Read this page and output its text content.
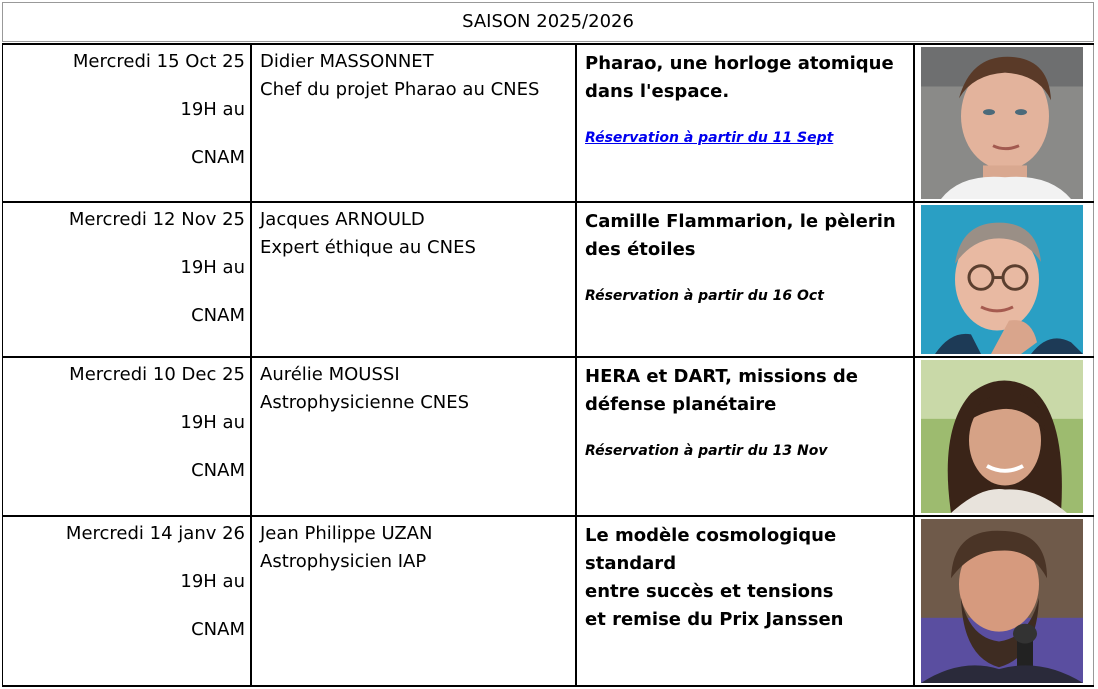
SAISON 2025/2026
Mercredi 15 Oct 25
19H au
CNAM
Didier MASSONNET
Chef du projet Pharao au CNES
Pharao, une horloge atomique
dans l'espace.
Réservation à partir du 11 Sept
Mercredi 12 Nov 25
19H au
CNAM
Jacques ARNOULD
Expert éthique au CNES
Camille Flammarion, le pèlerin
des étoiles
Réservation à partir du 16 Oct
Mercredi 10 Dec 25
19H au
CNAM
Aurélie MOUSSI
Astrophysicienne CNES
HERA et DART, missions de
défense planétaire
Réservation à partir du 13 Nov
Mercredi 14 janv 26
19H au
CNAM
Jean Philippe UZAN
Astrophysicien IAP
Le modèle cosmologique standard
entre succès et tensions
et remise du Prix Janssen
